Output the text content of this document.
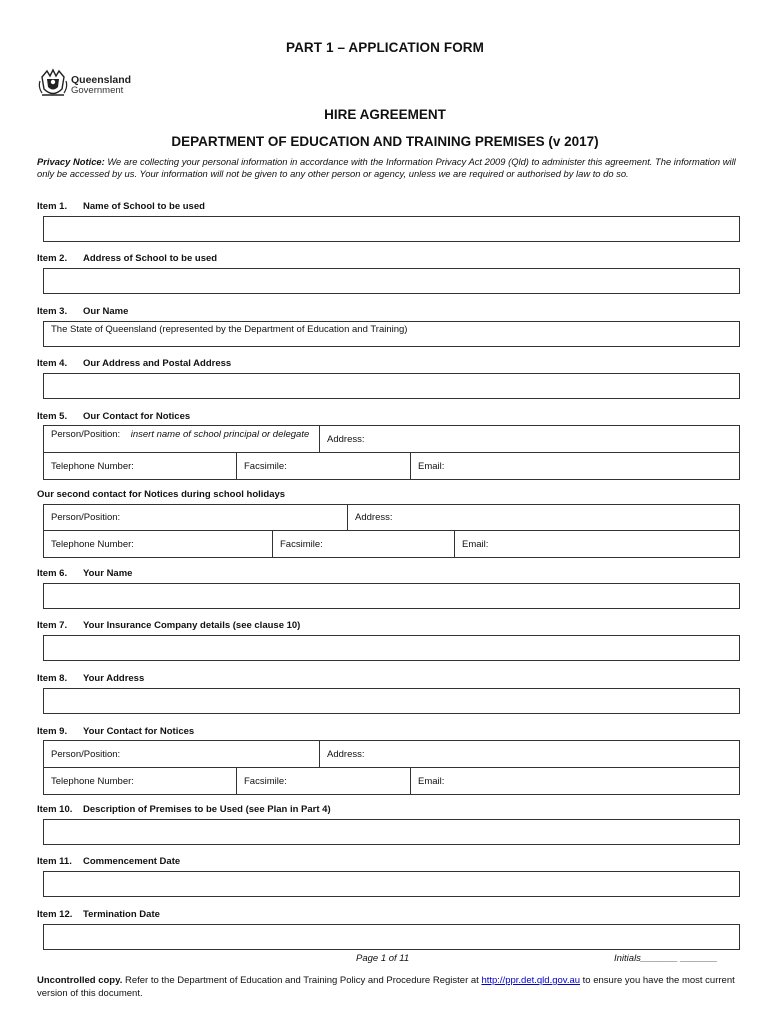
PART 1 – APPLICATION FORM
Queensland
Government
HIRE AGREEMENT
DEPARTMENT OF EDUCATION AND TRAINING PREMISES (v 2017)
Privacy Notice: We are collecting your personal information in accordance with the Information Privacy Act 2009 (Qld) to administer this agreement. The information will only be accessed by us. Your information will not be given to any other person or agency, unless we are required or authorised by law to do so.
Item 1. Name of School to be used
Item 2. Address of School to be used
Item 3. Our Name
The State of Queensland (represented by the Department of Education and Training)
Item 4. Our Address and Postal Address
Item 5. Our Contact for Notices
Person/Position: insert name of school principal or delegate Address:
Telephone Number:	Facsimile:	Email:
Our second contact for Notices during school holidays
Person/Position:	Address:
Telephone Number:	Facsimile:	Email:
Item 6. Your Name
Item 7. Your Insurance Company details (see clause 10)
Item 8. Your Address
Item 9. Your Contact for Notices
Person/Position:	Address:
Telephone Number:	Facsimile:	Email:
Item 10. Description of Premises to be Used (see Plan in Part 4)
Item 11. Commencement Date
Item 12. Termination Date
Page 1 of 11	Initials_______ _______
Uncontrolled copy. Refer to the Department of Education and Training Policy and Procedure Register at http://ppr.det.qld.gov.au to ensure you have the most current version of this document.
